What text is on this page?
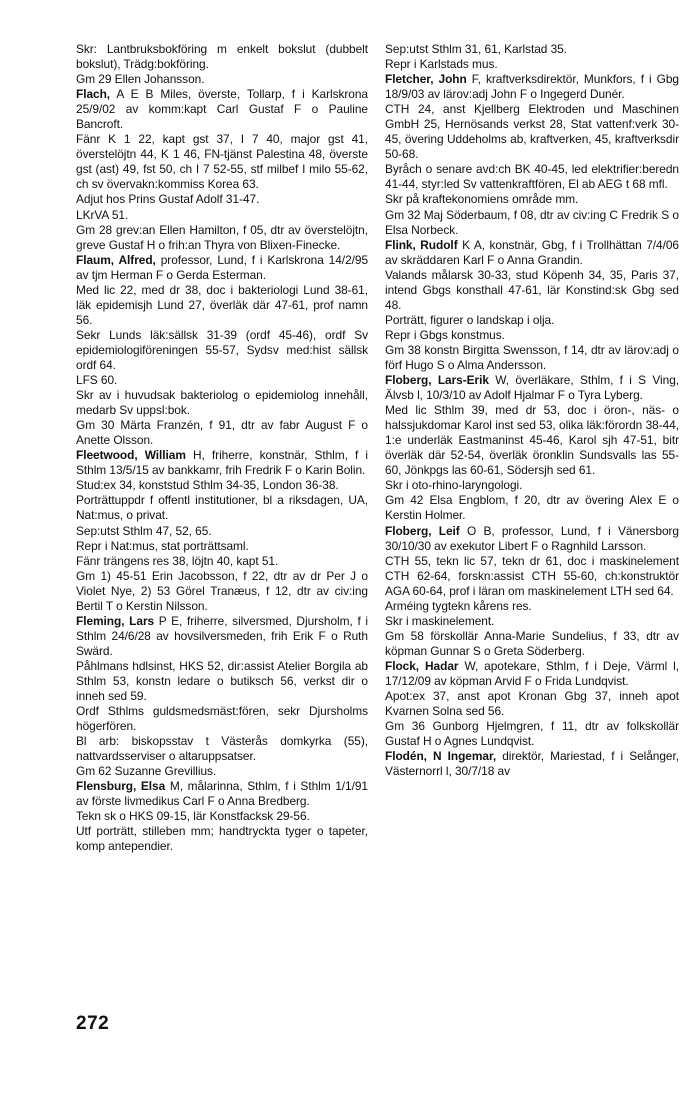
Skr: Lantbruksbokföring m enkelt bokslut (dubbelt bokslut), Trädg:bokföring.

Gm 29 Ellen Johansson.

Flach, A E B Miles, överste, Tollarp, f i Karlskrona 25/9/02 av komm:kapt Carl Gustaf F o Pauline Bancroft.

Fänr K 1 22, kapt gst 37, I 7 40, major gst 41, överstelöjtn 44, K 1 46, FN-tjänst Palestina 48, överste gst (ast) 49, fst 50, ch I 7 52-55, stf milbef I milo 55-62, ch sv övervakn:kommiss Korea 63.

Adjut hos Prins Gustaf Adolf 31-47.

LKrVA 51.

Gm 28 grev:an Ellen Hamilton, f 05, dtr av överstelöjtn, greve Gustaf H o frih:an Thyra von Blixen-Finecke.

Flaum, Alfred, professor, Lund, f i Karlskrona 14/2/95 av tjm Herman F o Gerda Esterman.

Med lic 22, med dr 38, doc i bakteriologi Lund 38-61, läk epidemisjh Lund 27, överläk där 47-61, prof namn 56.

Sekr Lunds läk:sällsk 31-39 (ordf 45-46), ordf Sv epidemiologiföreningen 55-57, Sydsv med:hist sällsk ordf 64.

LFS 60.

Skr av i huvudsak bakteriolog o epidemiolog innehåll, medarb Sv uppsl:bok.

Gm 30 Märta Franzén, f 91, dtr av fabr August F o Anette Olsson.

Fleetwood, William H, friherre, konstnär, Sthlm, f i Sthlm 13/5/15 av bankkamr, frih Fredrik F o Karin Bolin.

Stud:ex 34, konststud Sthlm 34-35, London 36-38.

Porträttuppdr f offentl institutioner, bl a riksdagen, UA, Nat:mus, o privat.

Sep:utst Sthlm 47, 52, 65.

Repr i Nat:mus, stat porträttsaml.

Fänr trängens res 38, löjtn 40, kapt 51.

Gm 1) 45-51 Erin Jacobsson, f 22, dtr av dr Per J o Violet Nye, 2) 53 Görel Tranæus, f 12, dtr av civ:ing Bertil T o Kerstin Nilsson.

Fleming, Lars P E, friherre, silversmed, Djursholm, f i Sthlm 24/6/28 av hovsilversmeden, frih Erik F o Ruth Swärd.

Påhlmans hdlsinst, HKS 52, dir:assist Atelier Borgila ab Sthlm 53, konstn ledare o butiksch 56, verkst dir o inneh sed 59.

Ordf Sthlms guldsmedsmäst:fören, sekr Djursholms högerfören.

Bl arb: biskopsstav t Västerås domkyrka (55), nattvardsserviser o altaruppsatser.

Gm 62 Suzanne Grevillius.

Flensburg, Elsa M, målarinna, Sthlm, f i Sthlm 1/1/91 av förste livmedikus Carl F o Anna Bredberg.

Tekn sk o HKS 09-15, lär Konstfacksk 29-56.

Utf porträtt, stilleben mm; handtryckta tyger o tapeter, komp antependier.

Sep:utst Sthlm 31, 61, Karlstad 35.

Repr i Karlstads mus.

Fletcher, John F, kraftverksdirektör, Munkfors, f i Gbg 18/9/03 av lärov:adj John F o Ingegerd Dunér.

CTH 24, anst Kjellberg Elektroden und Maschinen GmbH 25, Hernösands verkst 28, Stat vattenf:verk 30-45, övering Uddeholms ab, kraftverken, 45, kraftverksdir 50-68.

Byråch o senare avd:ch BK 40-45, led elektrifier:beredn 41-44, styr:led Sv vattenkraftfören, El ab AEG t 68 mfl.

Skr på kraftekonomiens område mm.

Gm 32 Maj Söderbaum, f 08, dtr av civ:ing C Fredrik S o Elsa Norbeck.

Flink, Rudolf K A, konstnär, Gbg, f i Trollhättan 7/4/06 av skräddaren Karl F o Anna Grandin.

Valands målarsk 30-33, stud Köpenh 34, 35, Paris 37, intend Gbgs konsthall 47-61, lär Konstind:sk Gbg sed 48.

Porträtt, figurer o landskap i olja.

Repr i Gbgs konstmus.

Gm 38 konstn Birgitta Swensson, f 14, dtr av lärov:adj o förf Hugo S o Alma Andersson.

Floberg, Lars-Erik W, överläkare, Sthlm, f i S Ving, Älvsb l, 10/3/10 av Adolf Hjalmar F o Tyra Lyberg.

Med lic Sthlm 39, med dr 53, doc i öron-, näs- o halssjukdomar Karol inst sed 53, olika läk:förordn 38-44, 1:e underläk Eastmaninst 45-46, Karol sjh 47-51, bitr överläk där 52-54, överläk öronklin Sundsvalls las 55-60, Jönkpgs las 60-61, Södersjh sed 61.

Skr i oto-rhino-laryngologi.

Gm 42 Elsa Engblom, f 20, dtr av övering Alex E o Kerstin Holmer.

Floberg, Leif O B, professor, Lund, f i Vänersborg 30/10/30 av exekutor Libert F o Ragnhild Larsson.

CTH 55, tekn lic 57, tekn dr 61, doc i maskinelement CTH 62-64, forskn:assist CTH 55-60, ch:konstruktör AGA 60-64, prof i läran om maskinelement LTH sed 64.

Arméing tygtekn kårens res.

Skr i maskinelement.

Gm 58 förskollär Anna-Marie Sundelius, f 33, dtr av köpman Gunnar S o Greta Söderberg.

Flock, Hadar W, apotekare, Sthlm, f i Deje, Värml l, 17/12/09 av köpman Arvid F o Frida Lundqvist.

Apot:ex 37, anst apot Kronan Gbg 37, inneh apot Kvarnen Solna sed 56.

Gm 36 Gunborg Hjelmgren, f 11, dtr av folkskollär Gustaf H o Agnes Lundqvist.

Flodén, N Ingemar, direktör, Mariestad, f i Selånger, Västernorrl l, 30/7/18 av

272
